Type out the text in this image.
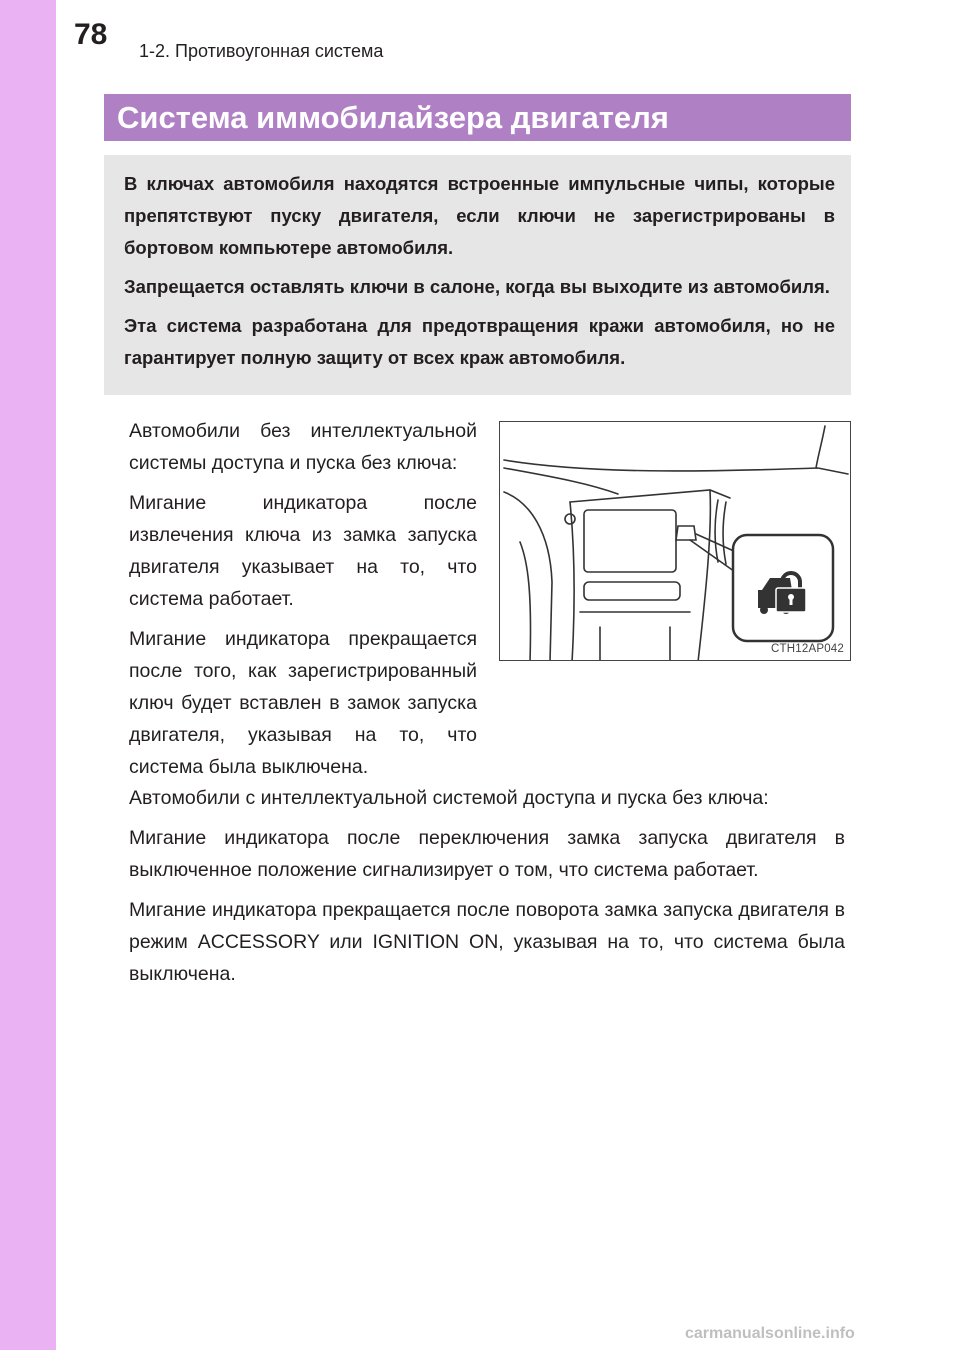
78 1-2. Противоугонная система
Система иммобилайзера двигателя

В ключах автомобиля находятся встроенные импульсные чипы, которые препятствуют пуску двигателя, если ключи не зарегистрированы в бортовом компьютере автомобиля.

Запрещается оставлять ключи в салоне, когда вы выходите из автомобиля.

Эта система разработана для предотвращения кражи автомобиля, но не гарантирует полную защиту от всех краж автомобиля.

Автомобили без интеллектуальной системы доступа и пуска без ключа:

Мигание индикатора после извлечения ключа из замка запуска двигателя указывает на то, что система работает.

Мигание индикатора прекращается после того, как зарегистрированный ключ будет вставлен в замок запуска двигателя, указывая на то, что система была выключена.

CTH12AP042

Автомобили с интеллектуальной системой доступа и пуска без ключа:

Мигание индикатора после переключения замка запуска двигателя в выключенное положение сигнализирует о том, что система работает.

Мигание индикатора прекращается после поворота замка запуска двигателя в режим ACCESSORY или IGNITION ON, указывая на то, что система была выключена.

carmanualsonline.info
